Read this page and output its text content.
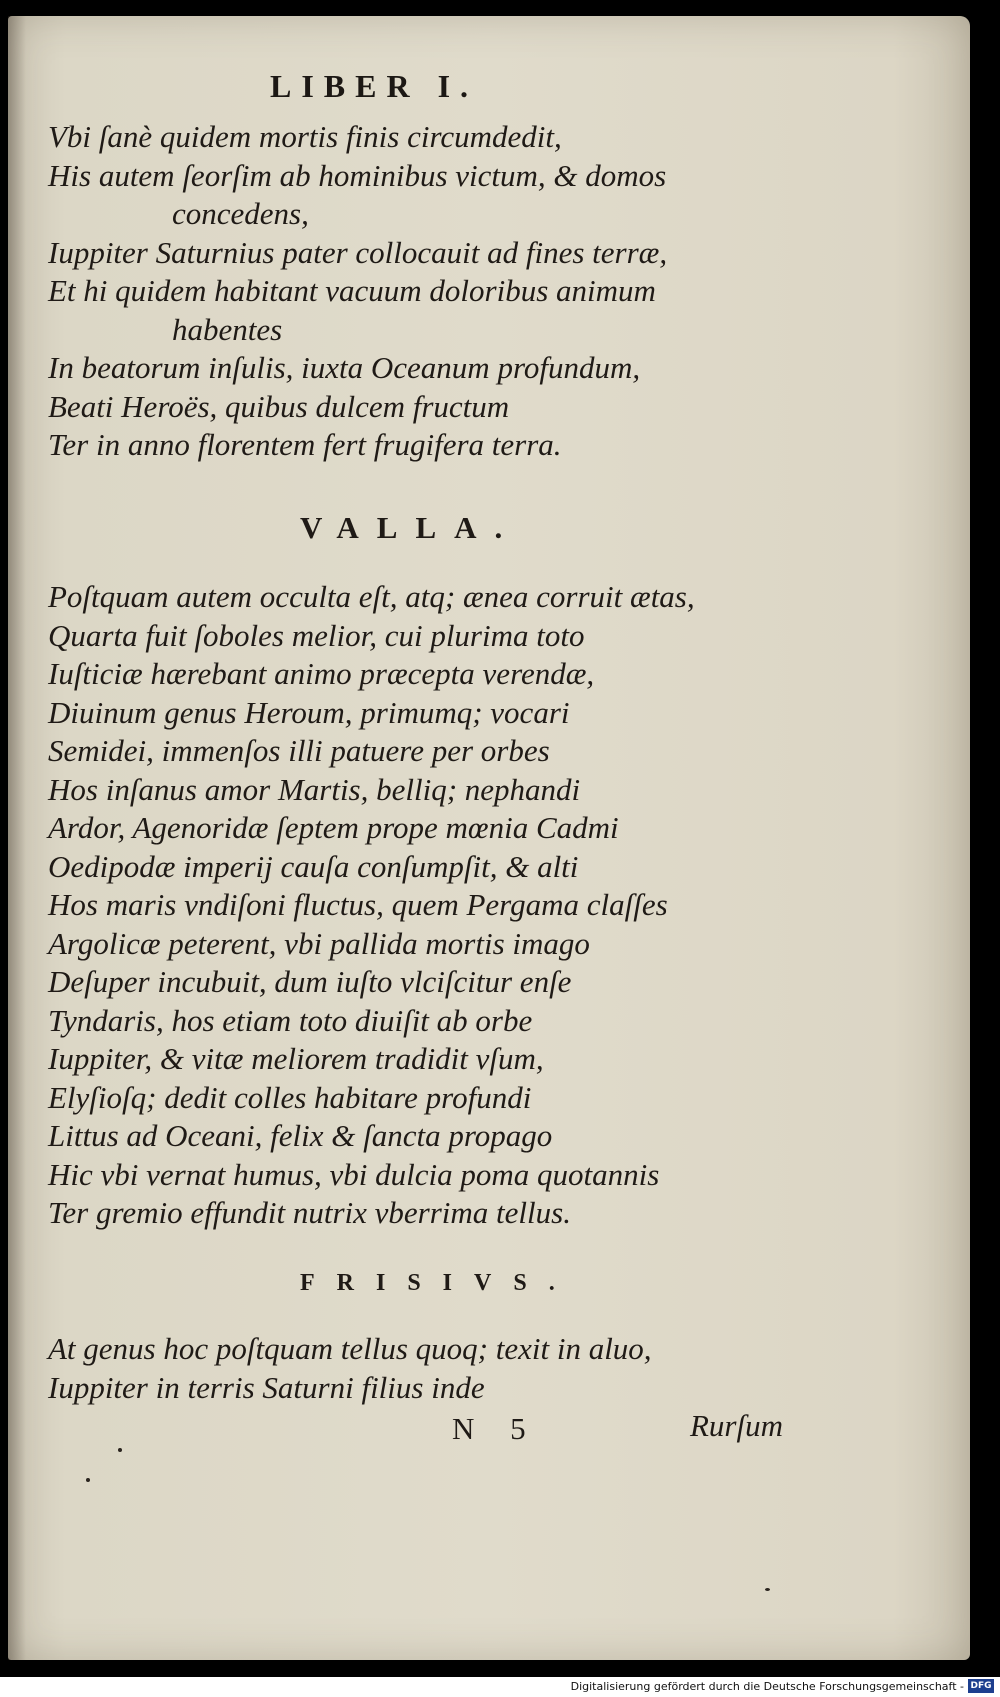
LIBER I.
Vbi ſanè quidem mortis finis circumdedit,
His autem ſeorſim ab hominibus victum, & domos
concedens,
Iuppiter Saturnius pater collocauit ad fines terræ,
Et hi quidem habitant vacuum doloribus animum
habentes
In beatorum inſulis, iuxta Oceanum profundum,
Beati Heroës, quibus dulcem fructum
Ter in anno florentem fert frugifera terra.
VALLA.
Poſtquam autem occulta eſt, atq; ænea corruit ætas,
Quarta fuit ſoboles melior, cui plurima toto
Iuſticiæ hærebant animo præcepta verendæ,
Diuinum genus Heroum, primumq; vocari
Semidei, immenſos illi patuere per orbes
Hos inſanus amor Martis, belliq; nephandi
Ardor, Agenoridæ ſeptem prope mœnia Cadmi
Oedipodæ imperij cauſa conſumpſit, & alti
Hos maris vndiſoni fluctus, quem Pergama claſſes
Argolicæ peterent, vbi pallida mortis imago
Deſuper incubuit, dum iuſto vlciſcitur enſe
Tyndaris, hos etiam toto diuiſit ab orbe
Iuppiter, & vitæ meliorem tradidit vſum,
Elyſioſq; dedit colles habitare profundi
Littus ad Oceani, felix & ſancta propago
Hic vbi vernat humus, vbi dulcia poma quotannis
Ter gremio effundit nutrix vberrima tellus.
FRISIVS.
At genus hoc poſtquam tellus quoq; texit in aluo,
Iuppiter in terris Saturni filius inde
N 5	Rurſum
Digitalisierung gefördert durch die Deutsche Forschungsgemeinschaft - DFG
